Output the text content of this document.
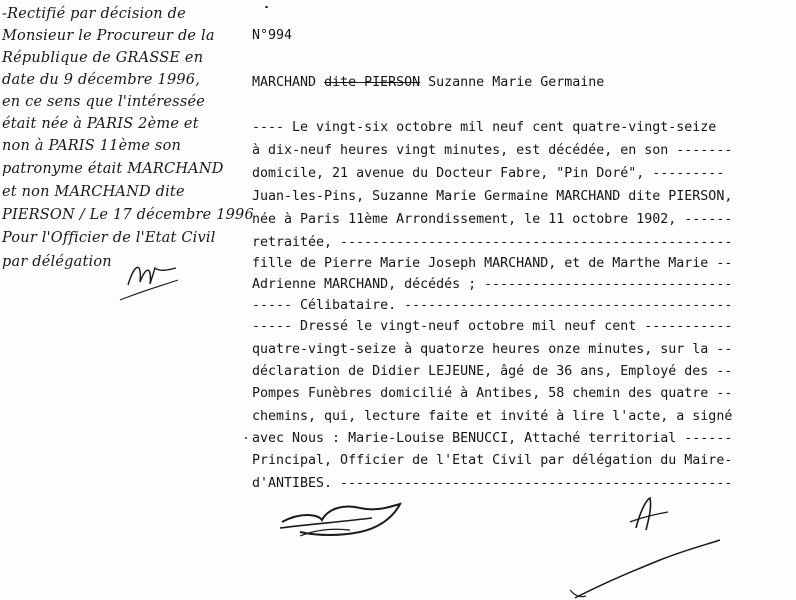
-Rectifié par décision de
Monsieur le Procureur de la
République de GRASSE en
date du 9 décembre 1996,
en ce sens que l'intéressée
était née à PARIS 2ème et
non à PARIS 11ème son
patronyme était MARCHAND
et non MARCHAND dite
PIERSON / Le 17 décembre 1996
Pour l'Officier de l'Etat Civil
par délégation
N°994
MARCHAND dite PIERSON Suzanne Marie Germaine
---- Le vingt-six octobre mil neuf cent quatre-vingt-seize
à dix-neuf heures vingt minutes, est décédée, en son -------
domicile, 21 avenue du Docteur Fabre, "Pin Doré", ---------
Juan-les-Pins, Suzanne Marie Germaine MARCHAND dite PIERSON,
née à Paris 11ème Arrondissement, le 11 octobre 1902, ------
retraitée, -------------------------------------------------
fille de Pierre Marie Joseph MARCHAND, et de Marthe Marie --
Adrienne MARCHAND, décédés ; -------------------------------
----- Célibataire. -----------------------------------------
----- Dressé le vingt-neuf octobre mil neuf cent -----------
quatre-vingt-seize à quatorze heures onze minutes, sur la --
déclaration de Didier LEJEUNE, âgé de 36 ans, Employé des --
Pompes Funèbres domicilié à Antibes, 58 chemin des quatre --
chemins, qui, lecture faite et invité à lire l'acte, a signé
avec Nous : Marie-Louise BENUCCI, Attaché territorial ------
Principal, Officier de l'Etat Civil par délégation du Maire-
d'ANTIBES. -------------------------------------------------
